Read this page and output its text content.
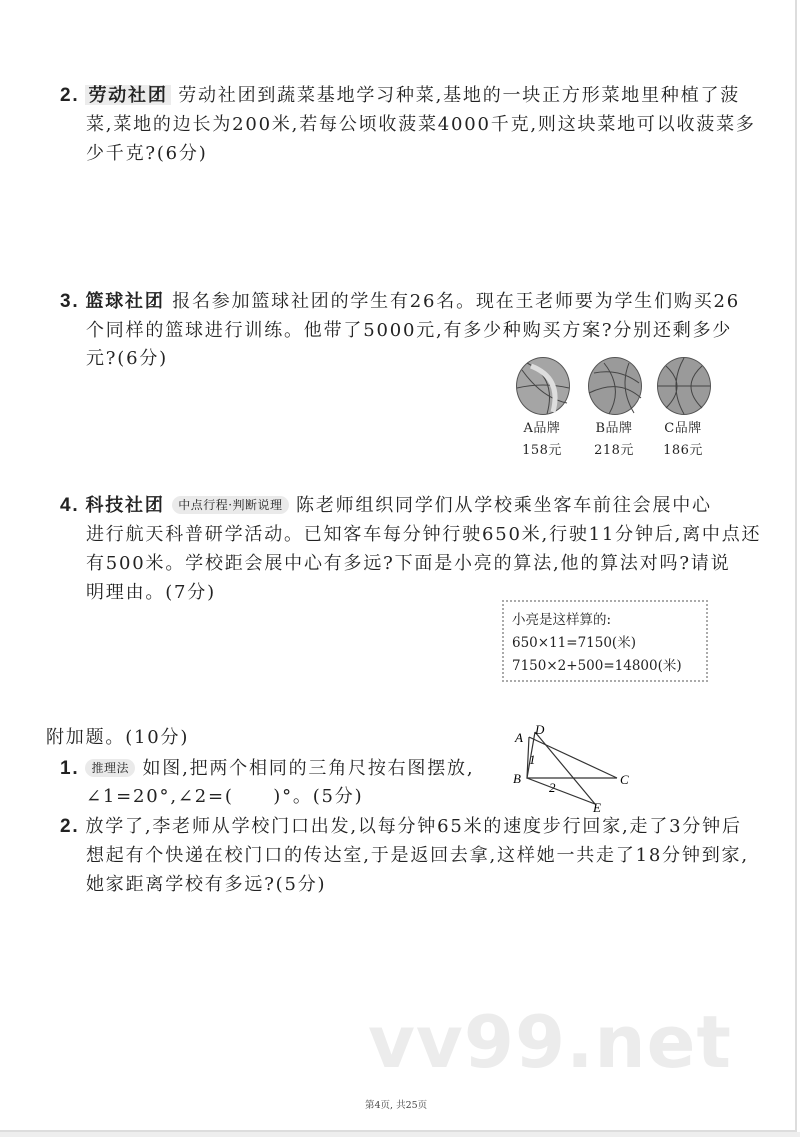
2. 劳动社团 劳动社团到蔬菜基地学习种菜,基地的一块正方形菜地里种植了菠
菜,菜地的边长为200米,若每公顷收菠菜4000千克,则这块菜地可以收菠菜多
少千克?(6分)
3. 篮球社团 报名参加篮球社团的学生有26名。现在王老师要为学生们购买26
个同样的篮球进行训练。他带了5000元,有多少种购买方案?分别还剩多少
元?(6分)
A品牌
158元
B品牌
218元
C品牌
186元
4. 科技社团 中点行程·判断说理 陈老师组织同学们从学校乘坐客车前往会展中心
进行航天科普研学活动。已知客车每分钟行驶650米,行驶11分钟后,离中点还
有500米。学校距会展中心有多远?下面是小亮的算法,他的算法对吗?请说
明理由。(7分)
小亮是这样算的:
650×11=7150(米)
7150×2+500=14800(米)
附加题。(10分)
1. 推理法 如图,把两个相同的三角尺按右图摆放,
∠1=20°,∠2=(　　)°。(5分)
2. 放学了,李老师从学校门口出发,以每分钟65米的速度步行回家,走了3分钟后
想起有个快递在校门口的传达室,于是返回去拿,这样她一共走了18分钟到家,
她家距离学校有多远?(5分)
A
D
B	C
E
1
2
vv99.net
第4页, 共25页
